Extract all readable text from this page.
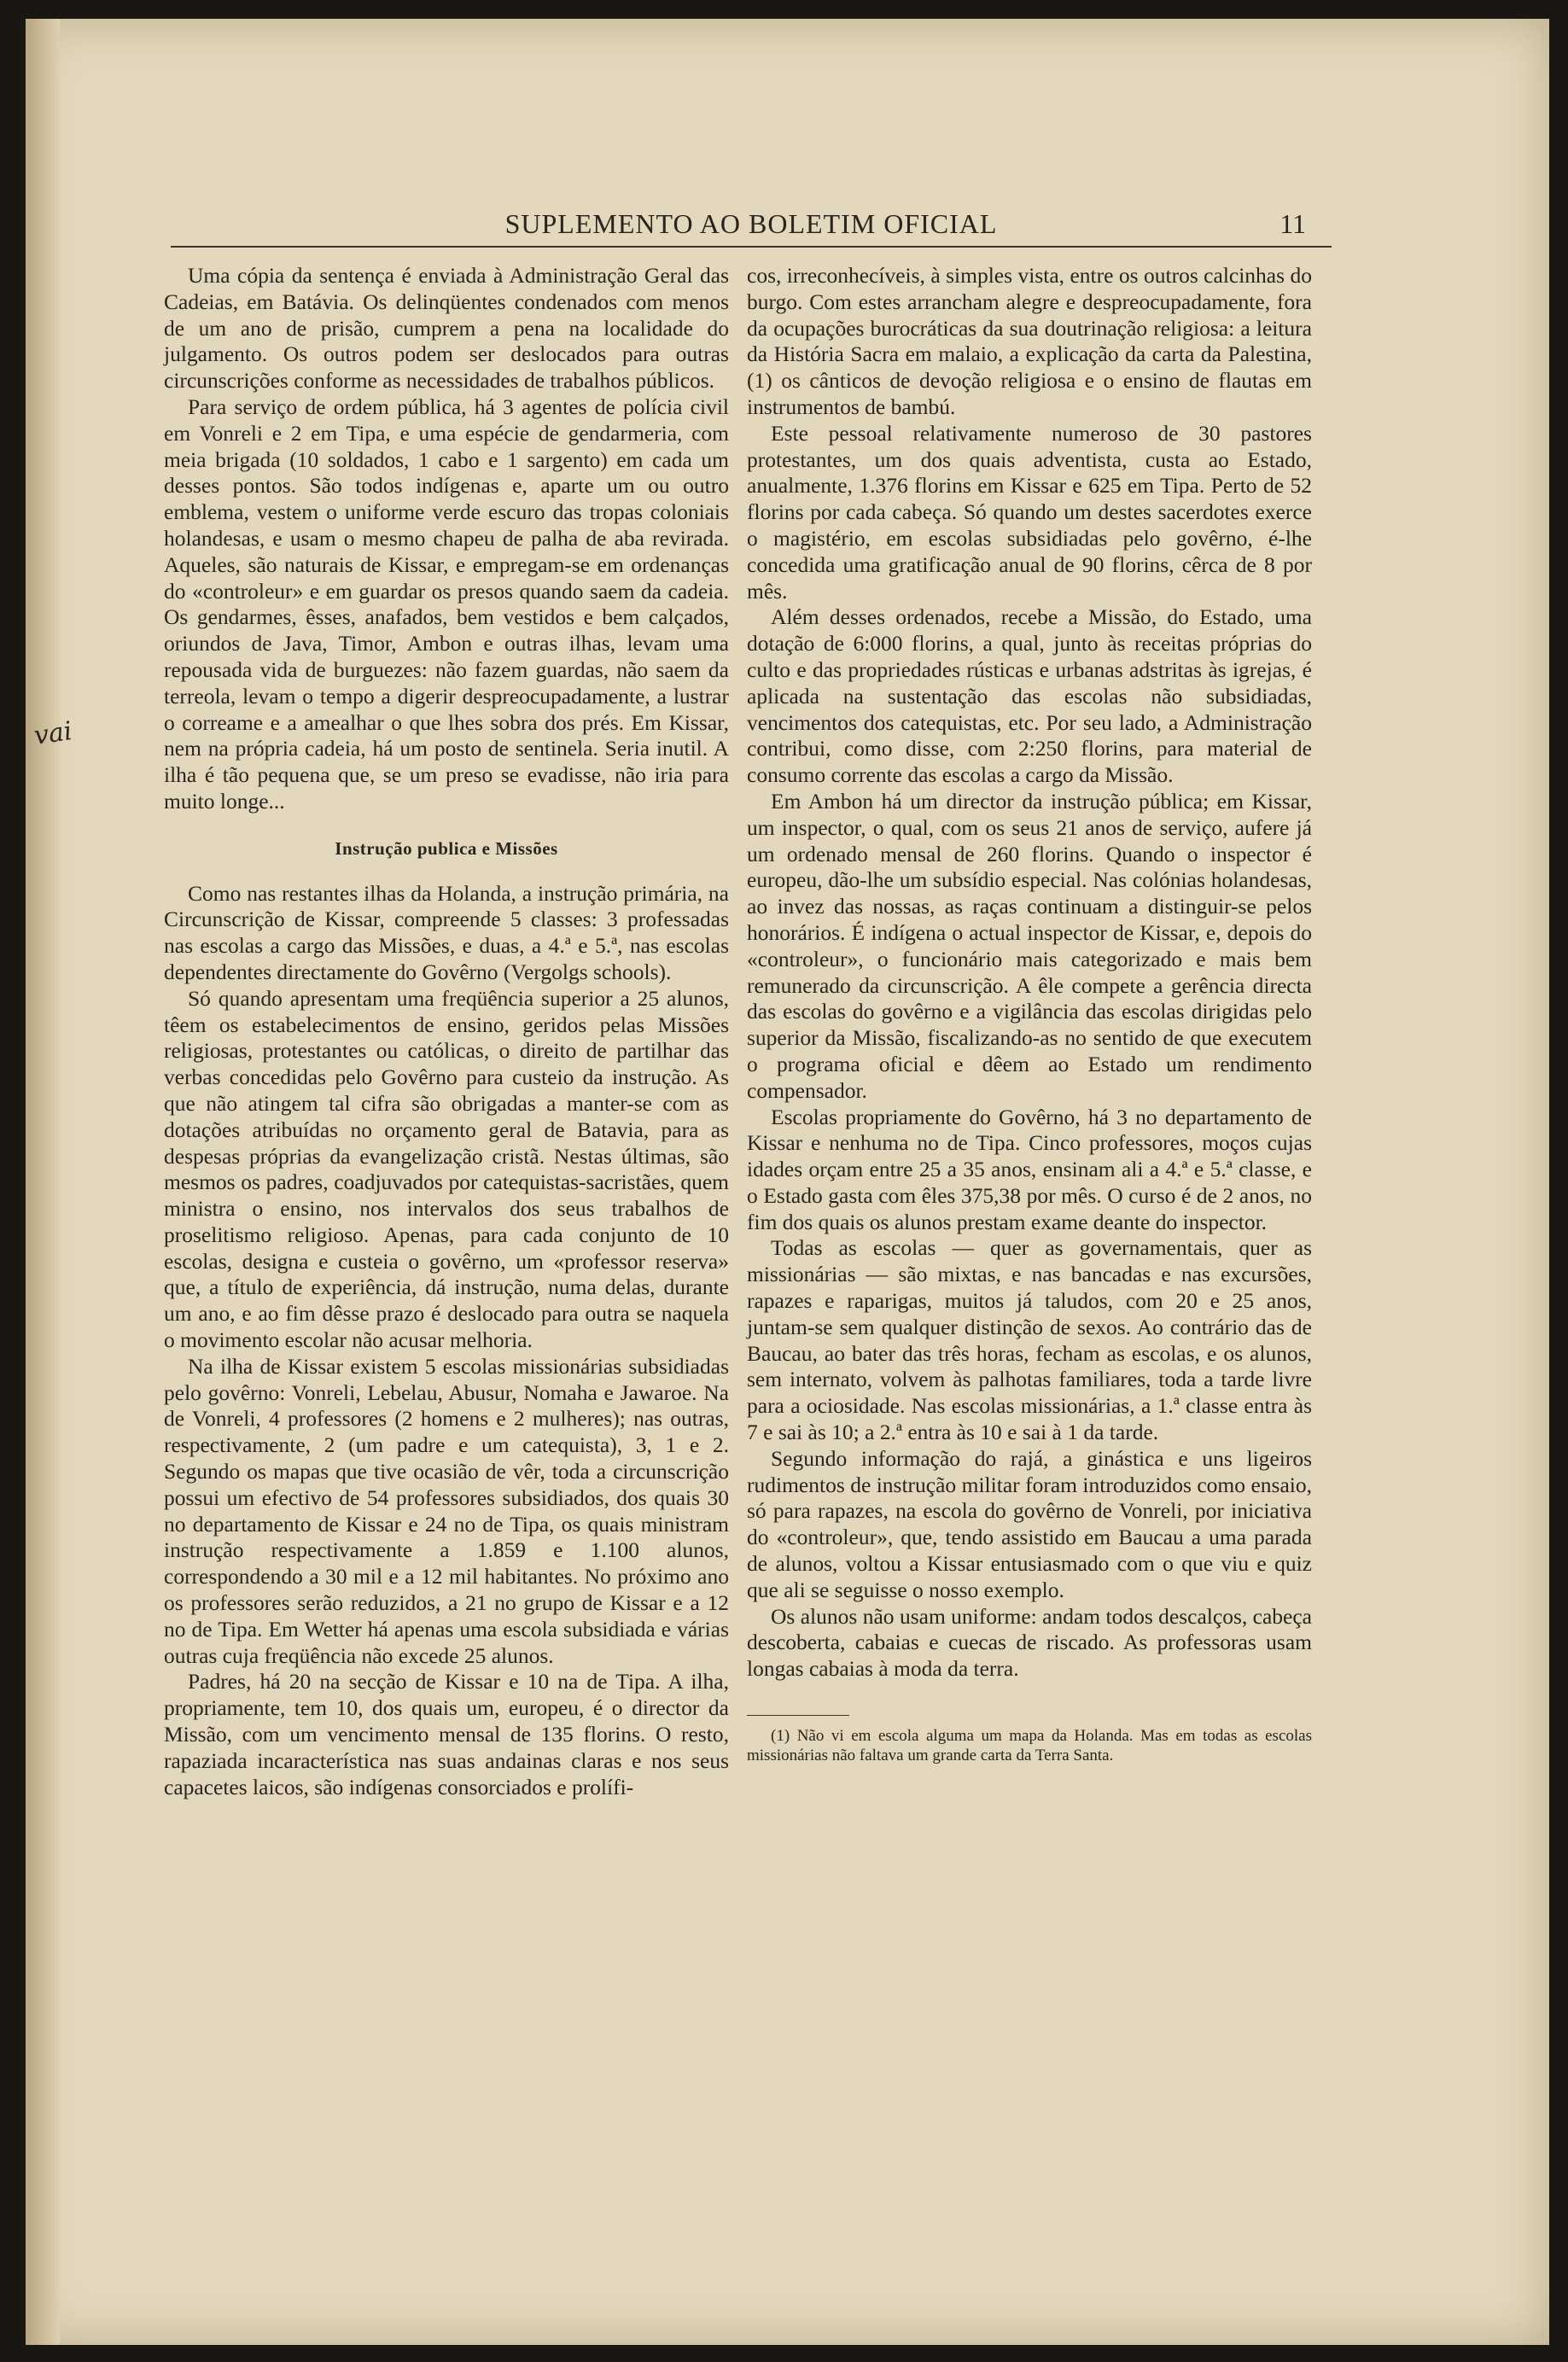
vai
SUPLEMENTO AO BOLETIM OFICIAL	11

Uma cópia da sentença é enviada à Administração Geral das Cadeias, em Batávia. Os delinqüentes condenados com menos de um ano de prisão, cumprem a pena na localidade do julgamento. Os outros podem ser deslocados para outras circunscrições conforme as necessidades de trabalhos públicos.

Para serviço de ordem pública, há 3 agentes de polícia civil em Vonreli e 2 em Tipa, e uma espécie de gendarmeria, com meia brigada (10 soldados, 1 cabo e 1 sargento) em cada um desses pontos. São todos indígenas e, aparte um ou outro emblema, vestem o uniforme verde escuro das tropas coloniais holandesas, e usam o mesmo chapeu de palha de aba revirada. Aqueles, são naturais de Kissar, e empregam-se em ordenanças do «controleur» e em guardar os presos quando saem da cadeia. Os gendarmes, êsses, anafados, bem vestidos e bem calçados, oriundos de Java, Timor, Ambon e outras ilhas, levam uma repousada vida de burguezes: não fazem guardas, não saem da terreola, levam o tempo a digerir despreocupadamente, a lustrar o correame e a amealhar o que lhes sobra dos prés. Em Kissar, nem na própria cadeia, há um posto de sentinela. Seria inutil. A ilha é tão pequena que, se um preso se evadisse, não iria para muito longe...

Instrução publica e Missões

Como nas restantes ilhas da Holanda, a instrução primária, na Circunscrição de Kissar, compreende 5 classes: 3 professadas nas escolas a cargo das Missões, e duas, a 4.ª e 5.ª, nas escolas dependentes directamente do Govêrno (Vergolgs schools).

Só quando apresentam uma freqüência superior a 25 alunos, têem os estabelecimentos de ensino, geridos pelas Missões religiosas, protestantes ou católicas, o direito de partilhar das verbas concedidas pelo Govêrno para custeio da instrução. As que não atingem tal cifra são obrigadas a manter-se com as dotações atribuídas no orçamento geral de Batavia, para as despesas próprias da evangelização cristã. Nestas últimas, são mesmos os padres, coadjuvados por catequistas-sacristães, quem ministra o ensino, nos intervalos dos seus trabalhos de proselitismo religioso. Apenas, para cada conjunto de 10 escolas, designa e custeia o govêrno, um «professor reserva» que, a título de experiência, dá instrução, numa delas, durante um ano, e ao fim dêsse prazo é deslocado para outra se naquela o movimento escolar não acusar melhoria.

Na ilha de Kissar existem 5 escolas missionárias subsidiadas pelo govêrno: Vonreli, Lebelau, Abusur, Nomaha e Jawaroe. Na de Vonreli, 4 professores (2 homens e 2 mulheres); nas outras, respectivamente, 2 (um padre e um catequista), 3, 1 e 2. Segundo os mapas que tive ocasião de vêr, toda a circunscrição possui um efectivo de 54 professores subsidiados, dos quais 30 no departamento de Kissar e 24 no de Tipa, os quais ministram instrução respectivamente a 1.859 e 1.100 alunos, correspondendo a 30 mil e a 12 mil habitantes. No próximo ano os professores serão reduzidos, a 21 no grupo de Kissar e a 12 no de Tipa. Em Wetter há apenas uma escola subsidiada e várias outras cuja freqüência não excede 25 alunos.

Padres, há 20 na secção de Kissar e 10 na de Tipa. A ilha, propriamente, tem 10, dos quais um, europeu, é o director da Missão, com um vencimento mensal de 135 florins. O resto, rapaziada incaracterística nas suas andainas claras e nos seus capacetes laicos, são indígenas consorciados e prolífi-

cos, irreconhecíveis, à simples vista, entre os outros calcinhas do burgo. Com estes arrancham alegre e despreocupadamente, fora da ocupações burocráticas da sua doutrinação religiosa: a leitura da História Sacra em malaio, a explicação da carta da Palestina, (1) os cânticos de devoção religiosa e o ensino de flautas em instrumentos de bambú.

Este pessoal relativamente numeroso de 30 pastores protestantes, um dos quais adventista, custa ao Estado, anualmente, 1.376 florins em Kissar e 625 em Tipa. Perto de 52 florins por cada cabeça. Só quando um destes sacerdotes exerce o magistério, em escolas subsidiadas pelo govêrno, é-lhe concedida uma gratificação anual de 90 florins, cêrca de 8 por mês.

Além desses ordenados, recebe a Missão, do Estado, uma dotação de 6:000 florins, a qual, junto às receitas próprias do culto e das propriedades rústicas e urbanas adstritas às igrejas, é aplicada na sustentação das escolas não subsidiadas, vencimentos dos catequistas, etc. Por seu lado, a Administração contribui, como disse, com 2:250 florins, para material de consumo corrente das escolas a cargo da Missão.

Em Ambon há um director da instrução pública; em Kissar, um inspector, o qual, com os seus 21 anos de serviço, aufere já um ordenado mensal de 260 florins. Quando o inspector é europeu, dão-lhe um subsídio especial. Nas colónias holandesas, ao invez das nossas, as raças continuam a distinguir-se pelos honorários. É indígena o actual inspector de Kissar, e, depois do «controleur», o funcionário mais categorizado e mais bem remunerado da circunscrição. A êle compete a gerência directa das escolas do govêrno e a vigilância das escolas dirigidas pelo superior da Missão, fiscalizando-as no sentido de que executem o programa oficial e dêem ao Estado um rendimento compensador.

Escolas propriamente do Govêrno, há 3 no departamento de Kissar e nenhuma no de Tipa. Cinco professores, moços cujas idades orçam entre 25 a 35 anos, ensinam ali a 4.ª e 5.ª classe, e o Estado gasta com êles 375,38 por mês. O curso é de 2 anos, no fim dos quais os alunos prestam exame deante do inspector.

Todas as escolas — quer as governamentais, quer as missionárias — são mixtas, e nas bancadas e nas excursões, rapazes e raparigas, muitos já taludos, com 20 e 25 anos, juntam-se sem qualquer distinção de sexos. Ao contrário das de Baucau, ao bater das três horas, fecham as escolas, e os alunos, sem internato, volvem às palhotas familiares, toda a tarde livre para a ociosidade. Nas escolas missionárias, a 1.ª classe entra às 7 e sai às 10; a 2.ª entra às 10 e sai à 1 da tarde.

Segundo informação do rajá, a ginástica e uns ligeiros rudimentos de instrução militar foram introduzidos como ensaio, só para rapazes, na escola do govêrno de Vonreli, por iniciativa do «controleur», que, tendo assistido em Baucau a uma parada de alunos, voltou a Kissar entusiasmado com o que viu e quiz que ali se seguisse o nosso exemplo.

Os alunos não usam uniforme: andam todos descalços, cabeça descoberta, cabaias e cuecas de riscado. As professoras usam longas cabaias à moda da terra.

(1) Não vi em escola alguma um mapa da Holanda. Mas em todas as escolas missionárias não faltava um grande carta da Terra Santa.
